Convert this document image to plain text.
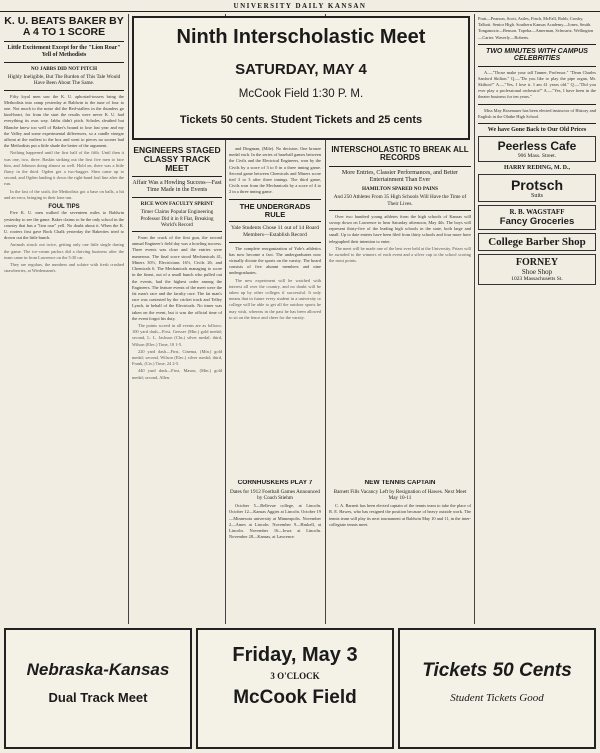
UNIVERSITY DAILY KANSAN
K. U. BEATS BAKER BY A 4 TO 1 SCORE
Little Excitement Except for the "Lion Roar" Yell of Methodists
NO JABBS DID NOT PITCH
Highly Ineligible, But The Burden of This Tale Would Have Been About The Same.

Fifty loyal men saw the K. U. aphoriad-tossers bring the Methodists into camp yesterday at Baldwin to the tune of four to one. Not much to the noise did the Red-stallers in the thunders go kind-heart, for from the start the results were never K. U. had everything its own way. Jabbs didn't pitch. Scholes sleuthed but Blanche knew too well of Baker's bound to lose last year and my the Valley and some experimental differences, so a candle vinegar affront at the earliest to the box and went to pieces no sooner had the Methodists put a little shade the better of the argument.

Nothing happened until the first half of the fifth. Until then it was one, two, three. Baskin striking out the first five men to face him, and Johnson doing almost as well. Hold on, there was a little flurry in the third. Ogden got a two-bagger. Shea came up to second, and Ogden landing it down the right-hand foul line after the run.

In the last of the sixth, the Methodists got a base on balls, a hit and an error, bringing in their lone run.

FOUL TIPS

Five K. U. men walked the seventeen miles to Baldwin yesterday to see the game. Baker claims to be the only school in the country that has a "lion roar" yell. No doubt about it. When the K. U. rooters first gave Rock Chalk yesterday the Bakerites tried to drown out the little bunch.

Animals struck out twice, getting only one little single during the game. The ice-cream parlors did a thriving business after the team came in from Lawrence on the 5:30 car.

They are regulars, the numbers and solaire with fresh crushed strawberries, at Wiedemann's.

Ninth Interscholastic Meet
SATURDAY, MAY 4
McCook Field 1:30 P. M.
Tickets 50 cents. Student Tickets and 25 cents
ENGINEERS STAGED CLASSY TRACK MEET
Affair Was a Howling Success—Fast Time Made in the Events
RICE WON FACULTY SPRINT
Timer Claims Popular Engineering Professor Did it in 8 Flat, Breaking World's Record

From the crack of the first gun, the second annual Engineer's field day was a howling success. Three events was close and the entries were numerous. The final score stood Mechanicals 41, Miners 30½, Electricians 16½, Civils 26, and Chemicals 6. The Mechanicals managing to score in the finest, out of a small bunch who pulled out the events, had the highest order among the Engineers. The feature events of the meet were the fat man's race and the faculty race. The fat man's race was contested by the cricket track and Telley Lynch, in behalf of the Electricals. No timer was taken on the event, but it was the official time of the event forgot his duty.

The points scored in all events are as follows: 100 yard dash—First, Gresser (Min.) gold medal; second, L. L. Jackson (Chs.) silver medal; third, Wilson (Elec.) Time, 10 1-5.

220 yard dash—First, Cinema, (Min.) gold medal; second, Wilson (Elec.) silver medal; third, Frank, (Civ.) Time, 24 2-5.

440 yard dash—First, Mason, (Min.) gold medal; second, Allen.

and Dingman, (Mile). No decision. One bronze medal each. In the series of baseball games between the Civils and the Electrical Engineers, won by the Civils by a score of 3 to 0 in a three inning game. Second game between Chemicals and Miners score tied 3 to 3 after three innings. The third game, Civils won from the Mechanicals by a score of 4 to 2 in a three inning game.

THE UNDERGRADS RULE
Yale Students Chose 11 out of 14 Board Members—Establish Record

The complete reorganization of Yale's athletics has now become a fact. The undergraduates now virtually dictate the sports on the varsity. The board consists of five alumni members and nine undergraduates.

The new experiment will be watched with interest all over the country, and no doubt will be taken up by other colleges if successful. It only means that in future every student in a university or college will be able to get all the outdoor sports he may wish, whereas in the past he has been allowed to sit on the fence and cheer for the varsity.

Pratt—Pearson, Scott, Astles, Finch, McFall, Robb, Crosby, Talbott. Senior High. Southern Kansas Academy—Jones, Smith. Tonganoxie—Benson. Topeka—Amerman, Schwartz. Wellington—Carter. Waverly—Roberts.
TWO MINUTES WITH CAMPUS CELEBRITIES

A.—"Those make your tall Tanner, Professor." "Dean Charles Sanford Skilton." Q.—"Do you like to play the pipe organ, Mr. Skilton?" A.—"Yes, I love it. I am 41 years old." Q.—"Did you ever play a professional orchestra?" A.—"Yes, I have been in the theater business for ten years."

Miss May Rosenauer has been elected instructor of History and English in the Olathe High School.

We have Gone Back to Our Old Prices
Peerless Cafe
906 Mass. Street.
HARRY REDING, M. D.,
Protsch
Suits
R. B. WAGSTAFF
Fancy Groceries
College Barber Shop
FORNEY
Shoe Shop
1023 Massachusetts St.
CORNHUSKERS PLAY 7
Dates for 1912 Football Games Announced by Coach Stiehm

October 5—Bellevue college, at Lincoln. October 12—Kansas Aggies at Lincoln. October 19—Minnesota university at Minneapolis. November 2—Ames at Lincoln. November 9—Haskell, at Lincoln. November 16—Iowa at Lincoln. November 28—Kansas, at Lawrence.

NEW TENNIS CAPTAIN
Barnett Fills Vacancy Left by Resignation of Hawes. Next Meet May 10-11

C. A. Barnett has been elected captain of the tennis team to take the place of R. E. Hawes, who has resigned the position because of heavy outside work. The tennis team will play its next tournament at Baldwin May 10 and 11, in the inter-collegiate tennis meet.

INTERSCHOLASTIC TO BREAK ALL RECORDS
More Entries, Classier Performances, and Better Entertainment Than Ever
HAMILTON SPARED NO PAINS
And 250 Athletes From 35 High Schools Will Have the Time of Their Lives.

Over two hundred young athletes from the high schools of Kansas will swoop down on Lawrence to hear Saturday afternoon, May 4th. The boys will represent thirty-five of the leading high schools in the state, both large and small. Up to date entries have been filed from thirty schools and four more have telegraphed their intention to enter.

The meet will be made one of the best ever held at the University. Prizes will be awarded to the winners of each event and a silver cup to the school scoring the most points.

Nebraska-Kansas
Dual Track Meet
Friday, May 3
3 O'CLOCK
McCook Field
Tickets 50 Cents
Student Tickets Good
